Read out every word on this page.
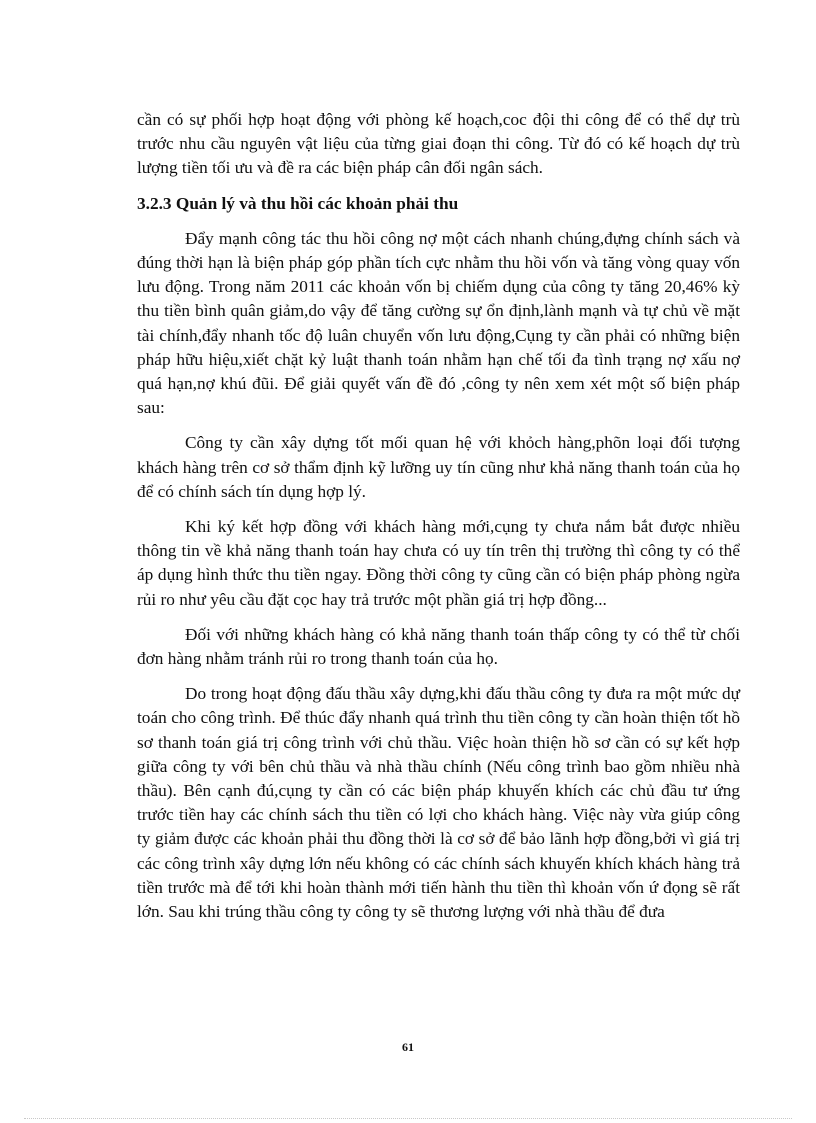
cần có sự phối hợp hoạt động với phòng kế hoạch,coc đội thi công để có thể dự trù trước nhu cầu nguyên vật liệu của từng giai đoạn thi công. Từ đó có kế hoạch dự trù lượng tiền tối ưu và đề ra các biện pháp cân đối ngân sách.

3.2.3 Quản lý và thu hồi các khoản phải thu

Đẩy mạnh công tác thu hồi công nợ một cách nhanh chúng,đựng chính sách và đúng thời hạn là biện pháp góp phần tích cực nhằm thu hồi vốn và tăng vòng quay vốn lưu động. Trong năm 2011 các khoản vốn bị chiếm dụng của công ty tăng 20,46% kỳ thu tiền bình quân giảm,do vậy để tăng cường sự ổn định,lành mạnh và tự chủ về mặt tài chính,đẩy nhanh tốc độ luân chuyển vốn lưu động,Cụng ty cần phải có những biện pháp hữu hiệu,xiết chặt kỷ luật thanh toán nhằm hạn chế tối đa tình trạng nợ xấu nợ quá hạn,nợ khú đũi. Để giải quyết vấn đề đó ,công ty nên xem xét một số biện pháp sau:

Công ty cần xây dựng tốt mối quan hệ với khỏch hàng,phõn loại đối tượng khách hàng trên cơ sở thẩm định kỹ lưỡng uy tín cũng như khả năng thanh toán của họ để có chính sách tín dụng hợp lý.

Khi ký kết hợp đồng với khách hàng mới,cụng ty chưa nắm bắt được nhiều thông tin về khả năng thanh toán hay chưa có uy tín trên thị trường thì công ty có thể áp dụng hình thức thu tiền ngay. Đồng thời công ty cũng cần có biện pháp phòng ngừa rủi ro như yêu cầu đặt cọc hay trả trước một phần giá trị hợp đồng...

Đối với những khách hàng có khả năng thanh toán thấp công ty có thể từ chối đơn hàng nhằm tránh rủi ro trong thanh toán của họ.

Do trong hoạt động đấu thầu xây dựng,khi đấu thầu công ty đưa ra một mức dự toán cho công trình. Để thúc đẩy nhanh quá trình thu tiền công ty cần hoàn thiện tốt hồ sơ thanh toán giá trị công trình với chủ thầu. Việc hoàn thiện hồ sơ cần có sự kết hợp giữa công ty với bên chủ thầu và nhà thầu chính (Nếu công trình bao gồm nhiều nhà thầu). Bên cạnh đú,cụng ty cần có các biện pháp khuyến khích các chủ đầu tư ứng trước tiền hay các chính sách thu tiền có lợi cho khách hàng. Việc này vừa giúp công ty giảm được các khoản phải thu đồng thời là cơ sở để bảo lãnh hợp đồng,bởi vì giá trị các công trình xây dựng lớn nếu không có các chính sách khuyến khích khách hàng trả tiền trước mà để tới khi hoàn thành mới tiến hành thu tiền thì khoản vốn ứ đọng sẽ rất lớn. Sau khi trúng thầu công ty công ty sẽ thương lượng với nhà thầu để đưa

61
